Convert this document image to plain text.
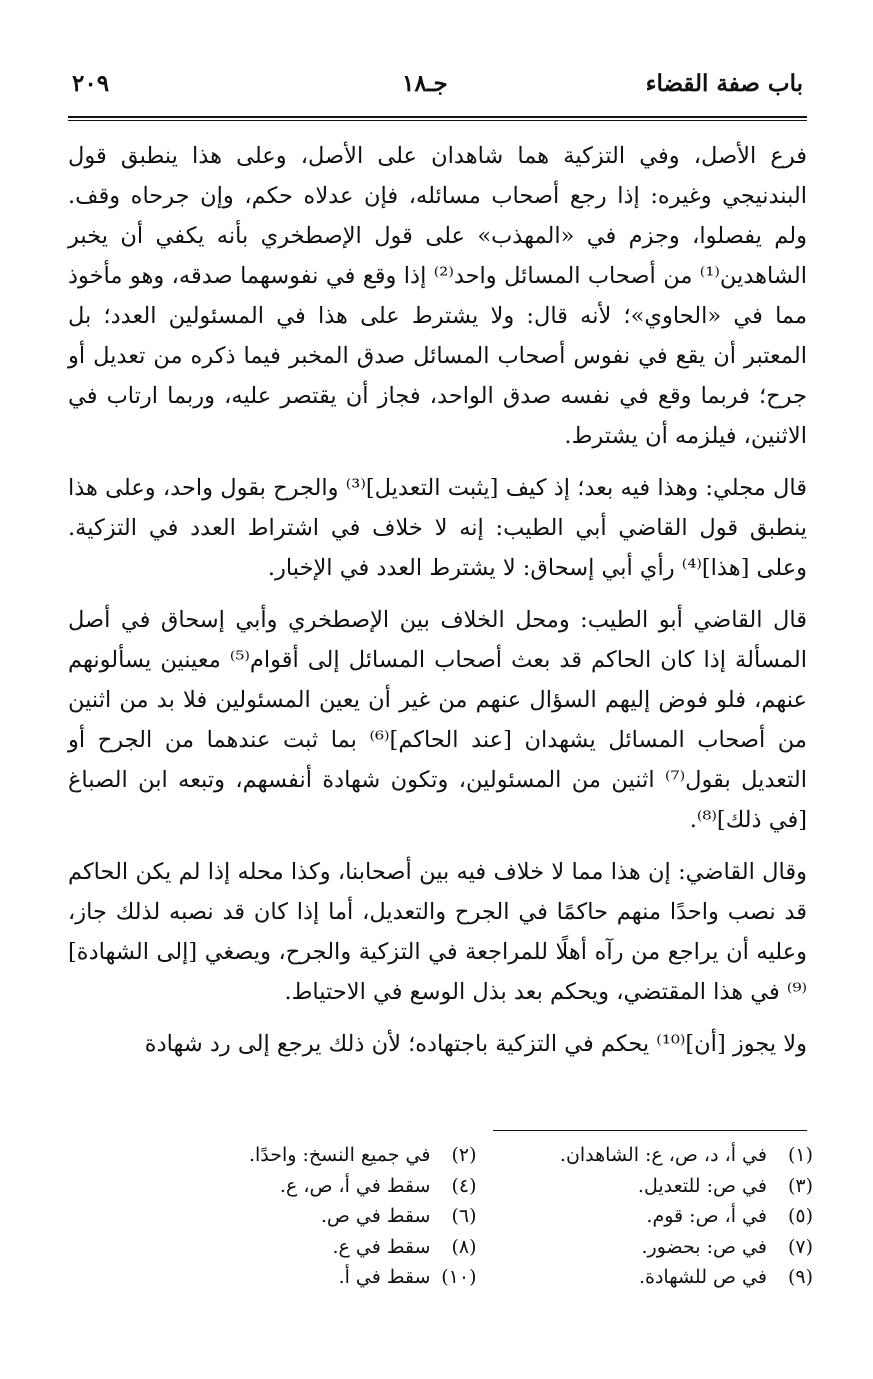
٢٠٩	جـ١٨	باب صفة القضاء

فرع الأصل، وفي التزكية هما شاهدان على الأصل، وعلى هذا ينطبق قول البندنيجي وغيره: إذا رجع أصحاب مسائله، فإن عدلاه حكم، وإن جرحاه وقف. ولم يفصلوا، وجزم في «المهذب» على قول الإصطخري بأنه يكفي أن يخبر الشاهدين⁽¹⁾ من أصحاب المسائل واحد⁽²⁾ إذا وقع في نفوسهما صدقه، وهو مأخوذ مما في «الحاوي»؛ لأنه قال: ولا يشترط على هذا في المسئولين العدد؛ بل المعتبر أن يقع في نفوس أصحاب المسائل صدق المخبر فيما ذكره من تعديل أو جرح؛ فربما وقع في نفسه صدق الواحد، فجاز أن يقتصر عليه، وربما ارتاب في الاثنين، فيلزمه أن يشترط.

قال مجلي: وهذا فيه بعد؛ إذ كيف [يثبت التعديل]⁽³⁾ والجرح بقول واحد، وعلى هذا ينطبق قول القاضي أبي الطيب: إنه لا خلاف في اشتراط العدد في التزكية. وعلى [هذا]⁽⁴⁾ رأي أبي إسحاق: لا يشترط العدد في الإخبار.

قال القاضي أبو الطيب: ومحل الخلاف بين الإصطخري وأبي إسحاق في أصل المسألة إذا كان الحاكم قد بعث أصحاب المسائل إلى أقوام⁽⁵⁾ معينين يسألونهم عنهم، فلو فوض إليهم السؤال عنهم من غير أن يعين المسئولين فلا بد من اثنين من أصحاب المسائل يشهدان [عند الحاكم]⁽⁶⁾ بما ثبت عندهما من الجرح أو التعديل بقول⁽⁷⁾ اثنين من المسئولين، وتكون شهادة أنفسهم، وتبعه ابن الصباغ [في ذلك]⁽⁸⁾.

وقال القاضي: إن هذا مما لا خلاف فيه بين أصحابنا، وكذا محله إذا لم يكن الحاكم قد نصب واحدًا منهم حاكمًا في الجرح والتعديل، أما إذا كان قد نصبه لذلك جاز، وعليه أن يراجع من رآه أهلًا للمراجعة في التزكية والجرح، ويصغي [إلى الشهادة]⁽⁹⁾ في هذا المقتضي، ويحكم بعد بذل الوسع في الاحتياط.

ولا يجوز [أن]⁽¹⁰⁾ يحكم في التزكية باجتهاده؛ لأن ذلك يرجع إلى رد شهادة

(١) في أ، د، ص، ع: الشاهدان.
(٢) في جميع النسخ: واحدًا.
(٣) في ص: للتعديل.
(٤) سقط في أ، ص، ع.
(٥) في أ، ص: قوم.
(٦) سقط في ص.
(٧) في ص: بحضور.
(٨) سقط في ع.
(٩) في ص للشهادة.
(١٠) سقط في أ.
